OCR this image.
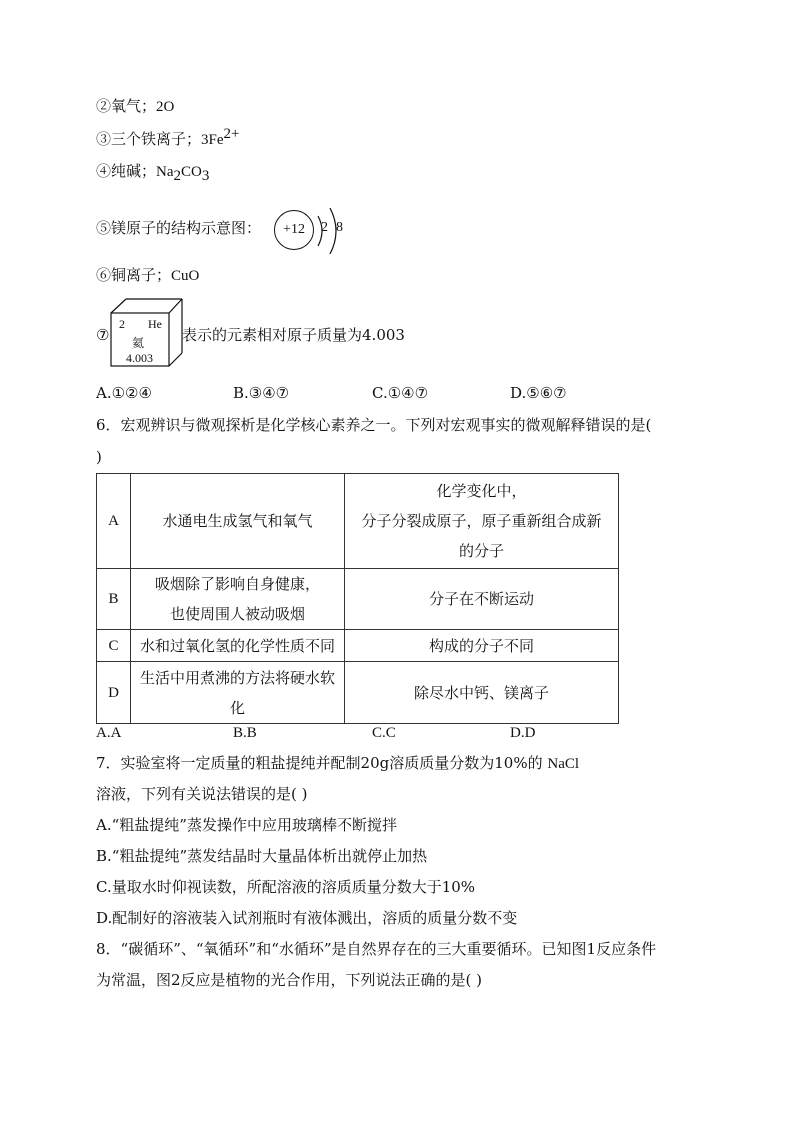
②氧气；2O
③三个铁离子；$3Fe^{2+}$
④纯碱；$Na_2CO_3$
⑤镁原子的结构示意图：	+12	2 8
⑥铜离子；CuO
⑦
2 He
氦
4.003
表示的元素相对原子质量为4.003
A.①②④	B.③④⑦	C.①④⑦	D.⑤⑥⑦
6．宏观辨识与微观探析是化学核心素养之一。下列对宏观事实的微观解释错误的是(
)
A	水通电生成氢气和氧气	化学变化中，
分子分裂成原子，原子重新组合成新
的分子

B	吸烟除了影响自身健康，
也使周围人被动吸烟	分子在不断运动
C	水和过氧化氢的化学性质不同	构成的分子不同
D	生活中用煮沸的方法将硬水软
化	除尽水中钙、镁离子
A.A	B.B	C.C	D.D
7．实验室将一定质量的粗盐提纯并配制20g溶质质量分数为10%的 NaCl
溶液，下列有关说法错误的是( )
A.“粗盐提纯”蒸发操作中应用玻璃棒不断搅拌
B.“粗盐提纯”蒸发结晶时大量晶体析出就停止加热
C.量取水时仰视读数，所配溶液的溶质质量分数大于10%
D.配制好的溶液装入试剂瓶时有液体溅出，溶质的质量分数不变
8．“碳循环”、“氧循环”和“水循环”是自然界存在的三大重要循环。已知图1反应条件
为常温，图2反应是植物的光合作用，下列说法正确的是( )
